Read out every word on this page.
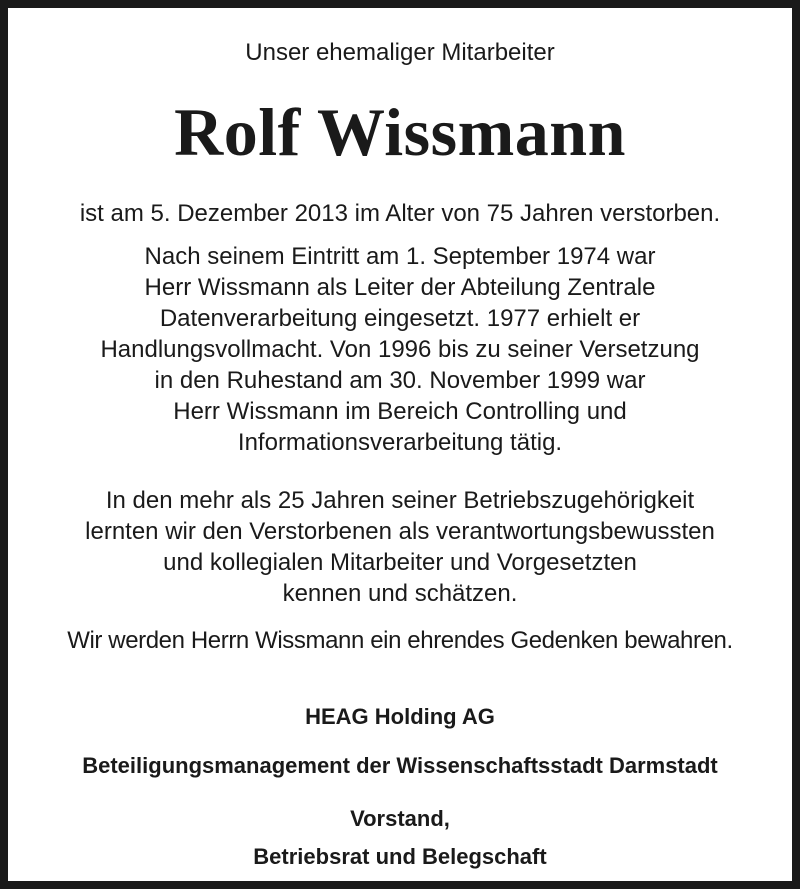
Unser ehemaliger Mitarbeiter
Rolf Wissmann
ist am 5. Dezember 2013 im Alter von 75 Jahren verstorben.
Nach seinem Eintritt am 1. September 1974 war
Herr Wissmann als Leiter der Abteilung Zentrale
Datenverarbeitung eingesetzt. 1977 erhielt er
Handlungsvollmacht. Von 1996 bis zu seiner Versetzung
in den Ruhestand am 30. November 1999 war
Herr Wissmann im Bereich Controlling und
Informationsverarbeitung tätig.
In den mehr als 25 Jahren seiner Betriebszugehörigkeit
lernten wir den Verstorbenen als verantwortungsbewussten
und kollegialen Mitarbeiter und Vorgesetzten
kennen und schätzen.
Wir werden Herrn Wissmann ein ehrendes Gedenken bewahren.
HEAG Holding AG
Beteiligungsmanagement der Wissenschaftsstadt Darmstadt
Vorstand,
Betriebsrat und Belegschaft
